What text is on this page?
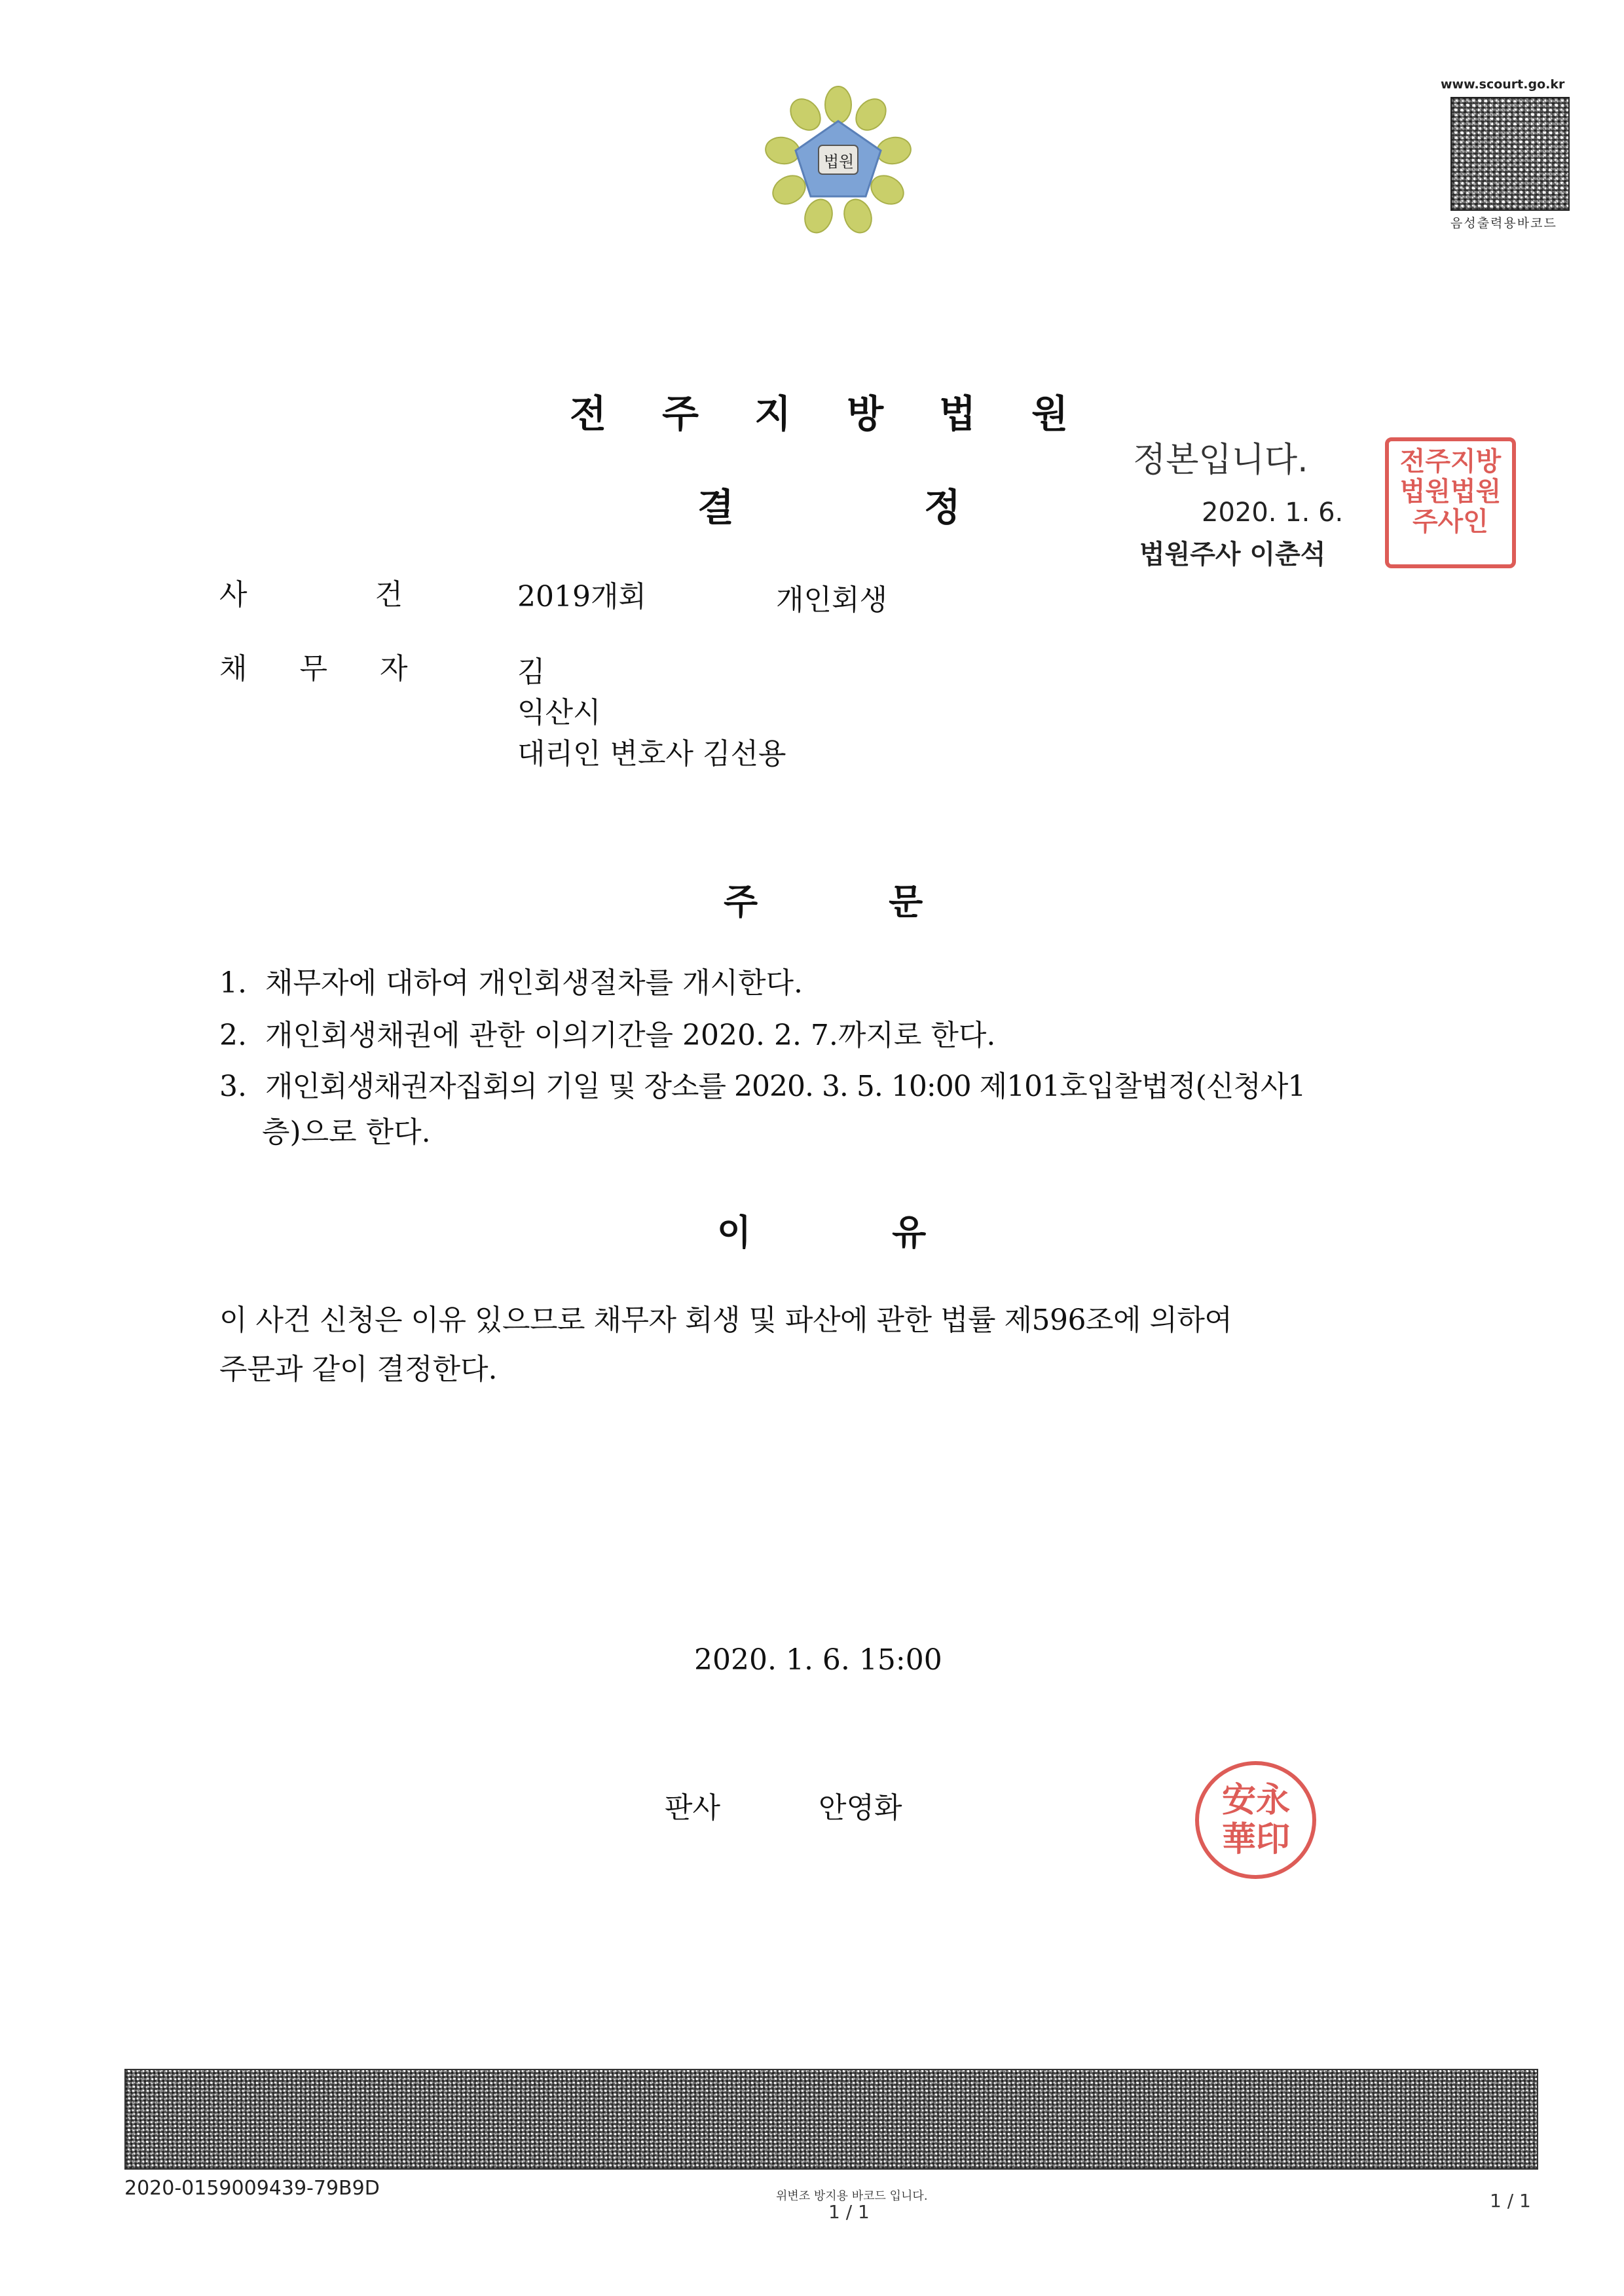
법원
www.scourt.go.kr
음성출력용바코드
전 주 지 방 법 원
결	정
정본입니다.
2020. 1. 6.
법원주사 이춘석
전주지방법원법원주사인
사	건	2019개회	개인회생
채 무 자	김
익산시
대리인 변호사 김선용
주	문
1. 채무자에 대하여 개인회생절차를 개시한다.
2. 개인회생채권에 관한 이의기간을 2020. 2. 7.까지로 한다.
3. 개인회생채권자집회의 기일 및 장소를 2020. 3. 5. 10:00 제101호입찰법정(신청사1
층)으로 한다.
이	유
이 사건 신청은 이유 있으므로 채무자 회생 및 파산에 관한 법률 제596조에 의하여
주문과 같이 결정한다.
2020. 1. 6. 15:00
판사	안영화	安永華印
2020-0159009439-79B9D	위변조 방지용 바코드 입니다.
1 / 1
1 / 1
